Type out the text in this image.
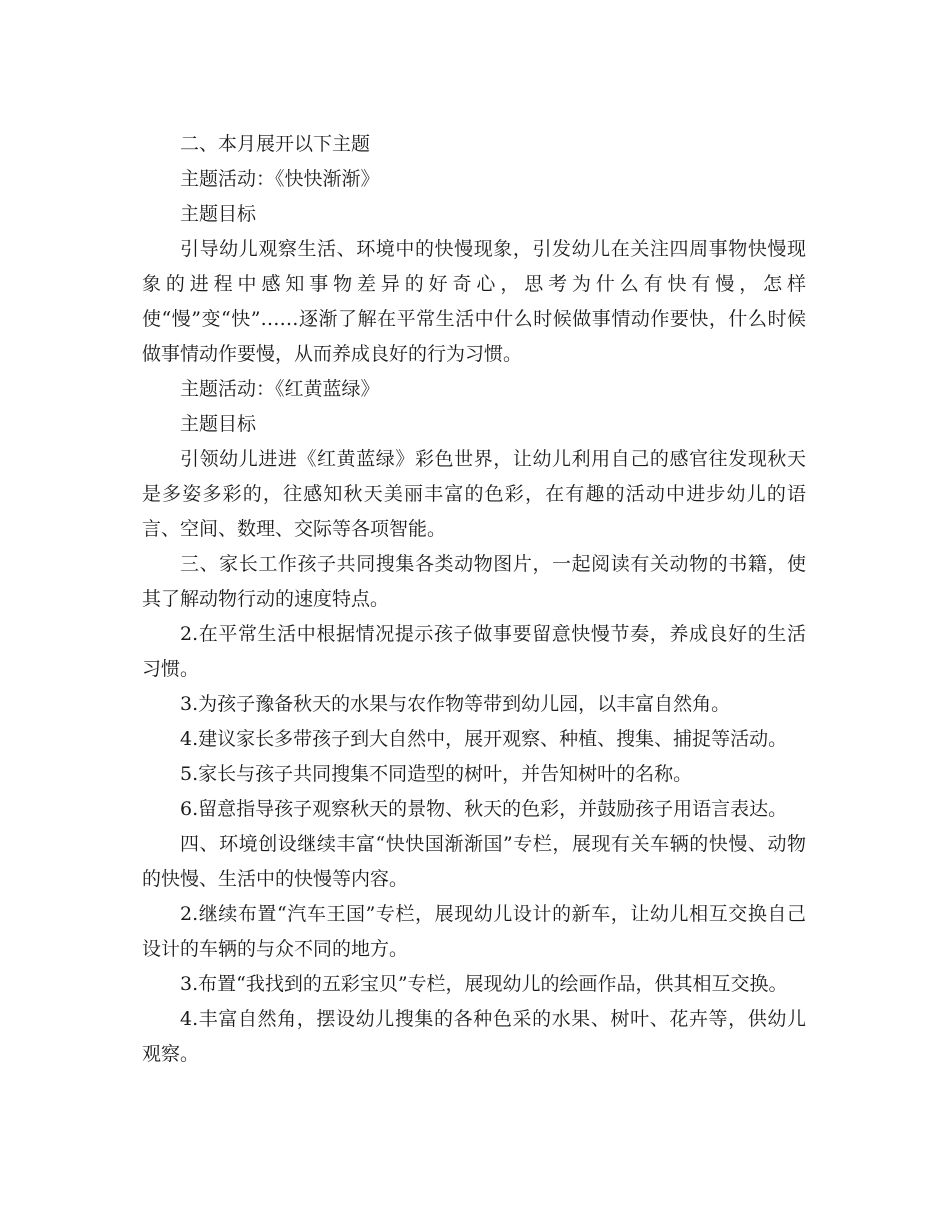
二、本月展开以下主题

主题活动：《快快渐渐》

主题目标

引导幼儿观察生活、环境中的快慢现象，引发幼儿在关注四周事物快慢现象的进程中感知事物差异的好奇心，思考为什么有快有慢，怎样使“慢”变“快”……逐渐了解在平常生活中什么时候做事情动作要快，什么时候做事情动作要慢，从而养成良好的行为习惯。

主题活动：《红黄蓝绿》

主题目标

引领幼儿进进《红黄蓝绿》彩色世界，让幼儿利用自己的感官往发现秋天是多姿多彩的，往感知秋天美丽丰富的色彩，在有趣的活动中进步幼儿的语言、空间、数理、交际等各项智能。

三、家长工作孩子共同搜集各类动物图片，一起阅读有关动物的书籍，使其了解动物行动的速度特点。

2.在平常生活中根据情况提示孩子做事要留意快慢节奏，养成良好的生活习惯。

3.为孩子豫备秋天的水果与农作物等带到幼儿园，以丰富自然角。

4.建议家长多带孩子到大自然中，展开观察、种植、搜集、捕捉等活动。

5.家长与孩子共同搜集不同造型的树叶，并告知树叶的名称。

6.留意指导孩子观察秋天的景物、秋天的色彩，并鼓励孩子用语言表达。

四、环境创设继续丰富“快快国渐渐国”专栏，展现有关车辆的快慢、动物的快慢、生活中的快慢等内容。

2.继续布置“汽车王国”专栏，展现幼儿设计的新车，让幼儿相互交换自己设计的车辆的与众不同的地方。

3.布置“我找到的五彩宝贝”专栏，展现幼儿的绘画作品，供其相互交换。

4.丰富自然角，摆设幼儿搜集的各种色采的水果、树叶、花卉等，供幼儿观察。
